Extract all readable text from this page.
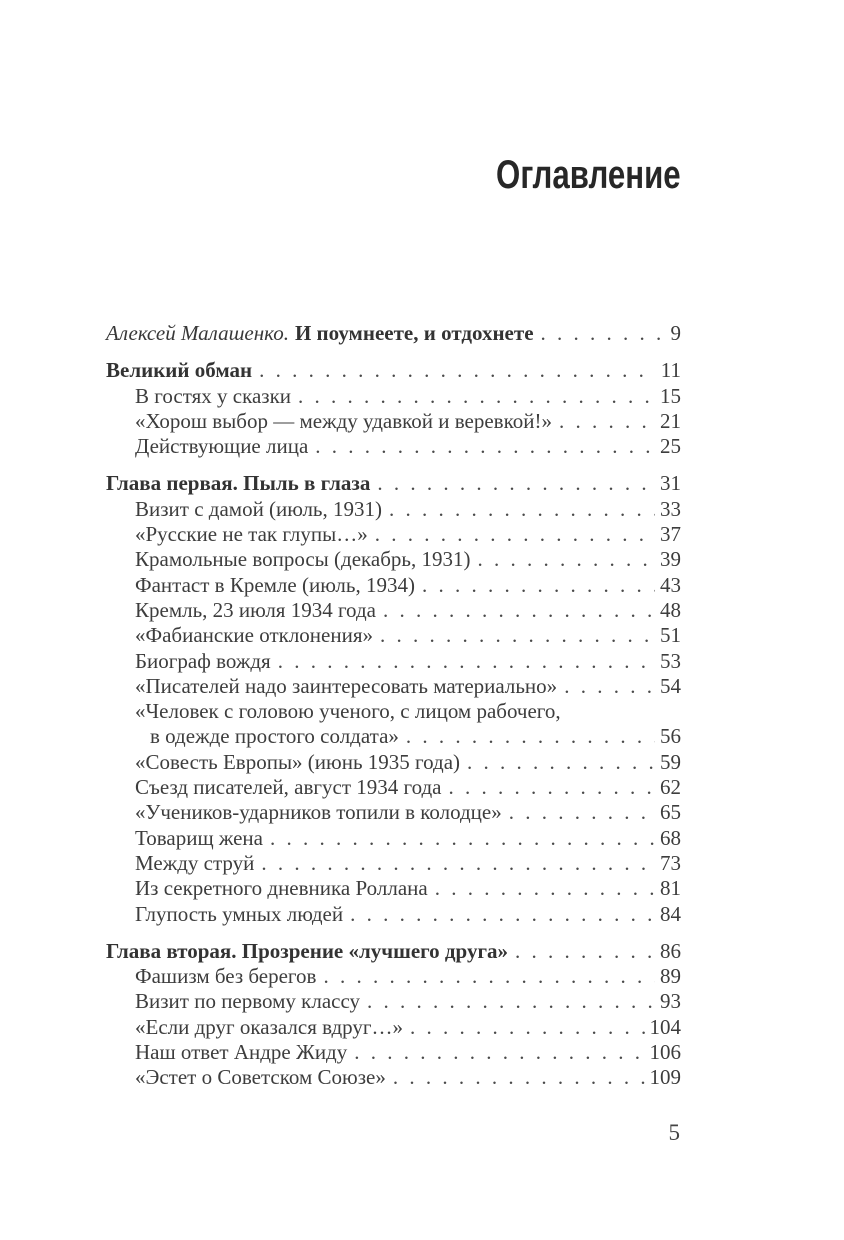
Оглавление
Алексей Малашенко. И поумнеете, и отдохнете . . .	9
Великий обман . . .	11
В гостях у сказки . . .	15
«Хорош выбор — между удавкой и веревкой!» . . .	21
Действующие лица . . .	25
Глава первая. Пыль в глаза . . .	31
Визит с дамой (июль, 1931) . . .	33
«Русские не так глупы…» . . .	37
Крамольные вопросы (декабрь, 1931) . . .	39
Фантаст в Кремле (июль, 1934) . . .	43
Кремль, 23 июля 1934 года . . .	48
«Фабианские отклонения» . . .	51
Биограф вождя . . .	53
«Писателей надо заинтересовать материально» . . .	54
«Человек с головою ученого, с лицом рабочего,
в одежде простого солдата» . . .	56
«Совесть Европы» (июнь 1935 года) . . .	59
Съезд писателей, август 1934 года . . .	62
«Учеников-ударников топили в колодце» . . .	65
Товарищ жена . . .	68
Между струй . . .	73
Из секретного дневника Роллана . . .	81
Глупость умных людей . . .	84
Глава вторая. Прозрение «лучшего друга» . . .	86
Фашизм без берегов . . .	89
Визит по первому классу . . .	93
«Если друг оказался вдруг…» . . .	104
Наш ответ Андре Жиду . . .	106
«Эстет о Советском Союзе» . . .	109
5
